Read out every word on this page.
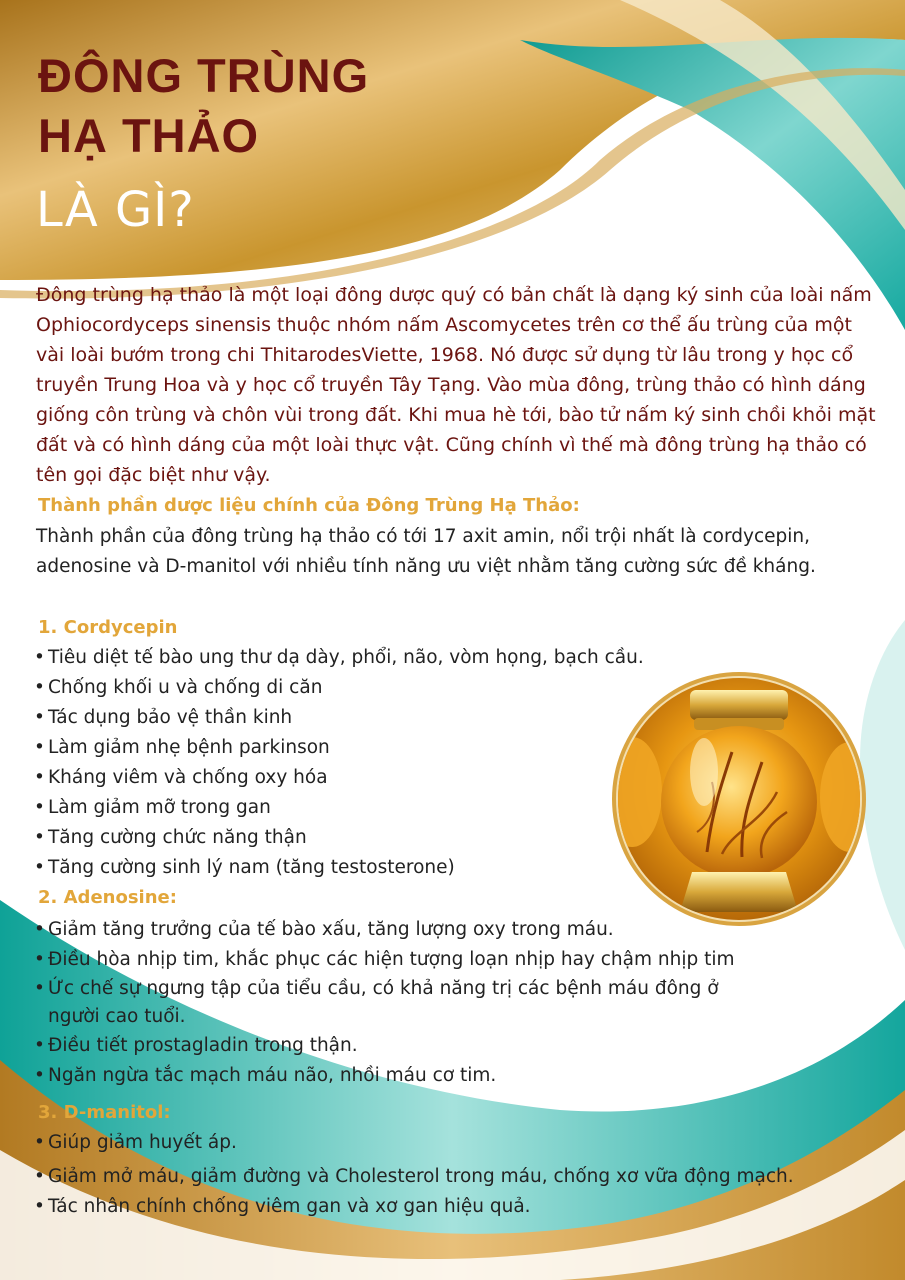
ĐÔNG TRÙNG
HẠ THẢO
LÀ GÌ?

Đông trùng hạ thảo là một loại đông dược quý có bản chất là dạng ký sinh của loài nấm Ophiocordyceps sinensis thuộc nhóm nấm Ascomycetes trên cơ thể ấu trùng của một vài loài bướm trong chi ThitarodesViette, 1968. Nó được sử dụng từ lâu trong y học cổ truyền Trung Hoa và y học cổ truyền Tây Tạng. Vào mùa đông, trùng thảo có hình dáng giống côn trùng và chôn vùi trong đất. Khi mua hè tới, bào tử nấm ký sinh chồi khỏi mặt đất và có hình dáng của một loài thực vật. Cũng chính vì thế mà đông trùng hạ thảo có tên gọi đặc biệt như vậy.

Thành phần dược liệu chính của Đông Trùng Hạ Thảo:

Thành phần của đông trùng hạ thảo có tới 17 axit amin, nổi trội nhất là cordycepin, adenosine và D-manitol với nhiều tính năng ưu việt nhằm tăng cường sức đề kháng.

1. Cordycepin
• Tiêu diệt tế bào ung thư dạ dày, phổi, não, vòm họng, bạch cầu.
• Chống khối u và chống di căn
• Tác dụng bảo vệ thần kinh
• Làm giảm nhẹ bệnh parkinson
• Kháng viêm và chống oxy hóa
• Làm giảm mỡ trong gan
• Tăng cường chức năng thận
• Tăng cường sinh lý nam (tăng testosterone)
2. Adenosine:
• Giảm tăng trưởng của tế bào xấu, tăng lượng oxy trong máu.
• Điều hòa nhịp tim, khắc phục các hiện tượng loạn nhịp hay chậm nhịp tim
• Ức chế sự ngưng tập của tiểu cầu, có khả năng trị các bệnh máu đông ở
người cao tuổi.
• Điều tiết prostagladin trong thận.
• Ngăn ngừa tắc mạch máu não, nhồi máu cơ tim.
3. D-manitol:
• Giúp giảm huyết áp.
• Giảm mở máu, giảm đường và Cholesterol trong máu, chống xơ vữa động mạch.
• Tác nhân chính chống viêm gan và xơ gan hiệu quả.
